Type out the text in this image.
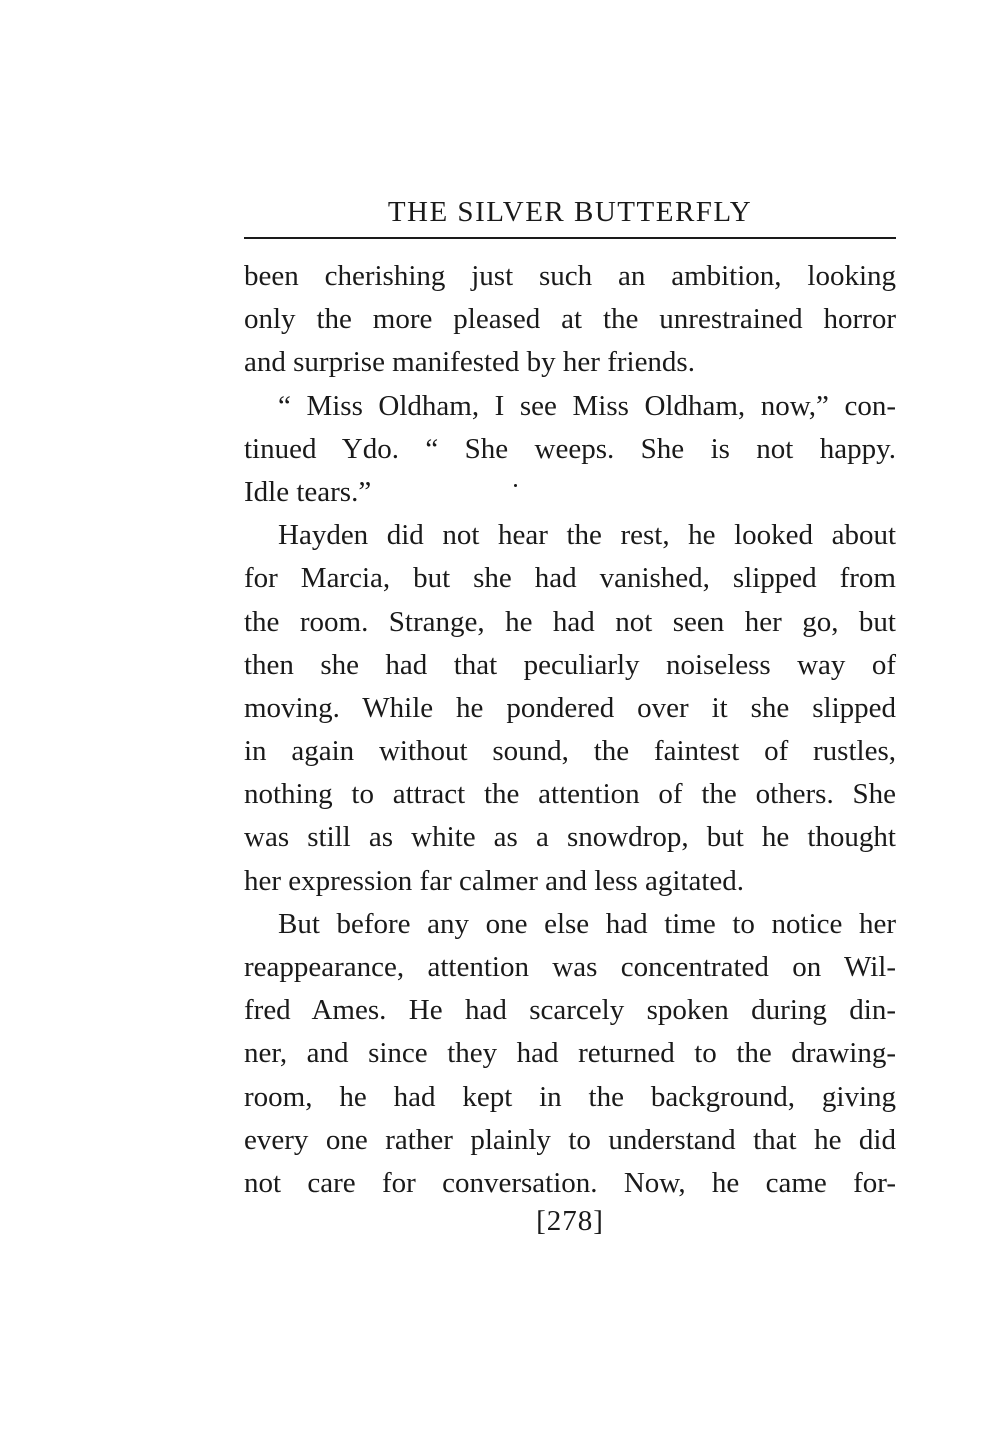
THE SILVER BUTTERFLY
been cherishing just such an ambition, looking
only the more pleased at the unrestrained horror
and surprise manifested by her friends.
“ Miss Oldham, I see Miss Oldham, now,” con-
tinued Ydo. “ She weeps. She is not happy.
Idle tears.”
Hayden did not hear the rest, he looked about
for Marcia, but she had vanished, slipped from
the room. Strange, he had not seen her go, but
then she had that peculiarly noiseless way of
moving. While he pondered over it she slipped
in again without sound, the faintest of rustles,
nothing to attract the attention of the others. She
was still as white as a snowdrop, but he thought
her expression far calmer and less agitated.
But before any one else had time to notice her
reappearance, attention was concentrated on Wil-
fred Ames. He had scarcely spoken during din-
ner, and since they had returned to the drawing-
room, he had kept in the background, giving
every one rather plainly to understand that he did
not care for conversation. Now, he came for-
[278]
